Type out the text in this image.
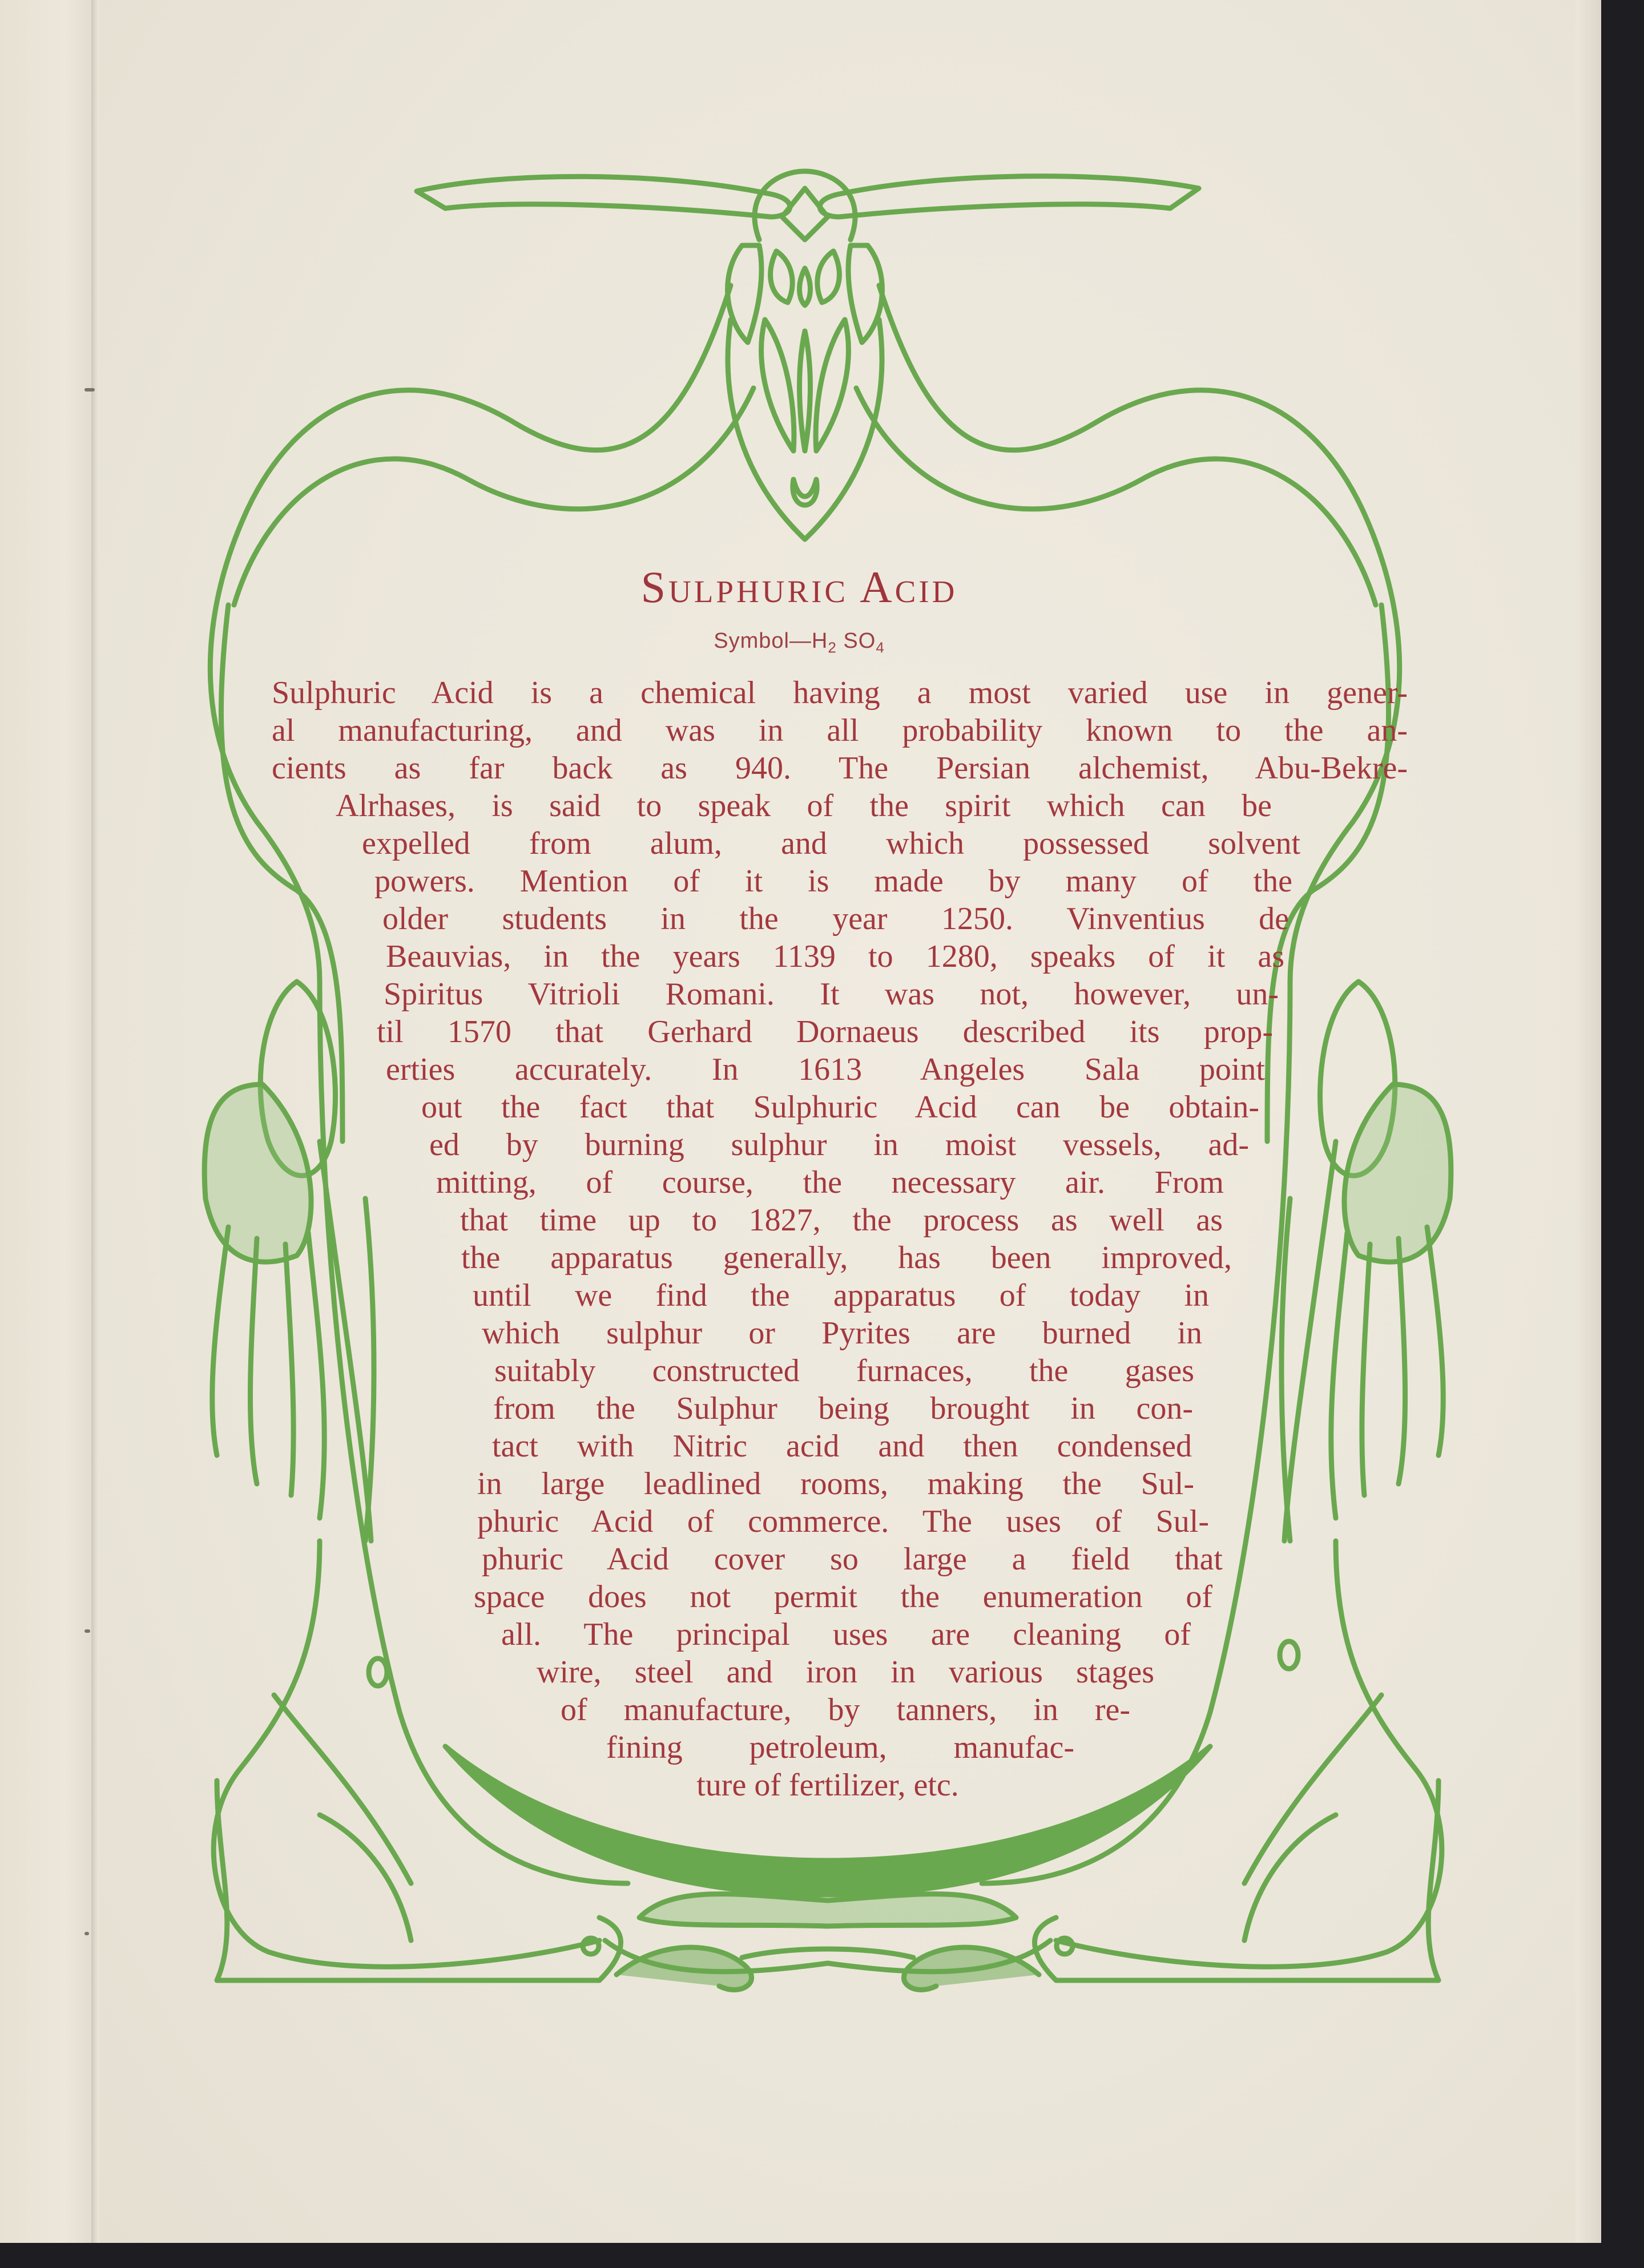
Sulphuric Acid
$Symbol—H_2$ $SO_4$
Sulphuric Acid is a chemical having a most varied use in gener-
al manufacturing, and was in all probability known to the an-
cients as far back as 940. The Persian alchemist, Abu-Bekre-
Alrhases, is said to speak of the spirit which can be
expelled from alum, and which possessed solvent
powers. Mention of it is made by many of the
older students in the year 1250. Vinventius de
Beauvias, in the years 1139 to 1280, speaks of it as
Spiritus Vitrioli Romani. It was not, however, un-
til 1570 that Gerhard Dornaeus described its prop-
erties accurately. In 1613 Angeles Sala point
out the fact that Sulphuric Acid can be obtain-
ed by burning sulphur in moist vessels, ad-
mitting, of course, the necessary air. From
that time up to 1827, the process as well as
the apparatus generally, has been improved,
until we find the apparatus of today in
which sulphur or Pyrites are burned in
suitably constructed furnaces, the gases
from the Sulphur being brought in con-
tact with Nitric acid and then condensed
in large leadlined rooms, making the Sul-
phuric Acid of commerce. The uses of Sul-
phuric Acid cover so large a field that
space does not permit the enumeration of
all. The principal uses are cleaning of
wire, steel and iron in various stages
of manufacture, by tanners, in re-
fining petroleum, manufac-
ture of fertilizer, etc.
